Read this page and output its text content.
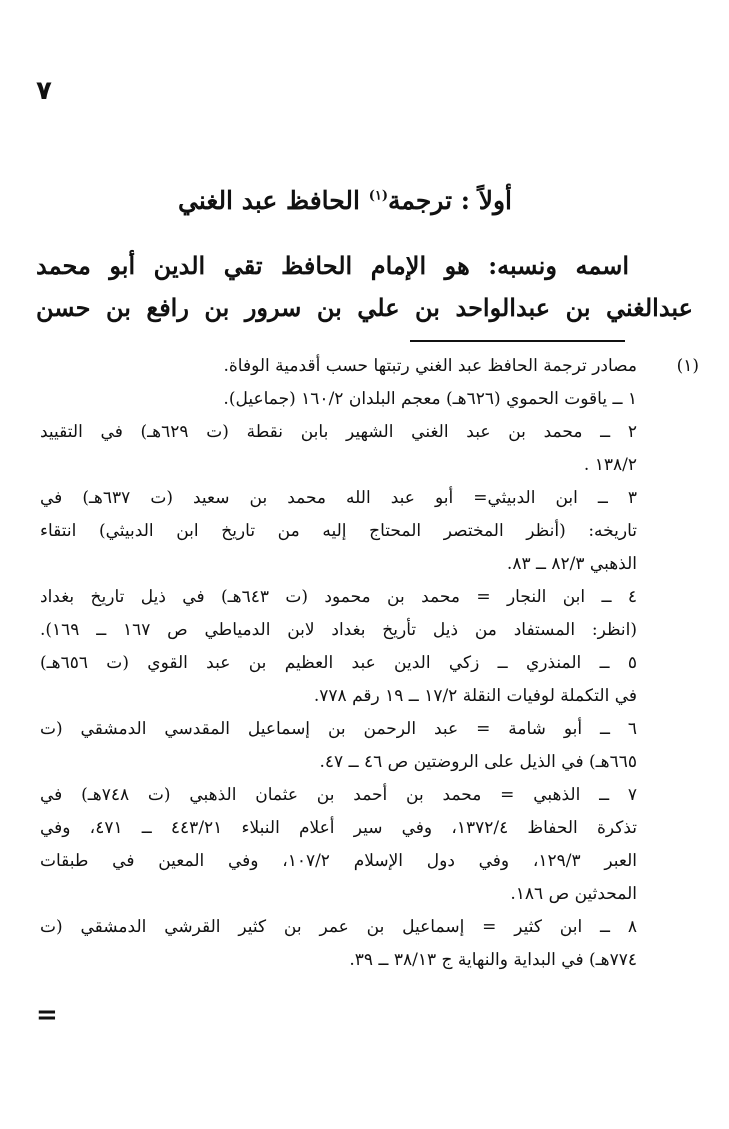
٧
أولاً : ترجمة$^{(١)}$ الحافظ عبد الغني
اسمه ونسبه: هو الإمام الحافظ تقي الدين أبو محمد
عبدالغني بن عبدالواحد بن علي بن سرور بن رافع بن حسن
(١)
مصادر ترجمة الحافظ عبد الغني رتبتها حسب أقدمية الوفاة.
١ ــ ياقوت الحموي (٦٢٦هـ) معجم البلدان ١٦٠/٢ (جماعيل).
٢ ــ محمد بن عبد الغني الشهير بابن نقطة (ت ٦٢٩هـ) في التقييد
١٣٨/٢ .
٣ ــ ابن الدبيثي= أبو عبد الله محمد بن سعيد (ت ٦٣٧هـ) في
تاريخه: (أنظر المختصر المحتاج إليه من تاريخ ابن الدبيثي) انتقاء
الذهبي ٨٢/٣ ــ ٨٣.
٤ ــ ابن النجار = محمد بن محمود (ت ٦٤٣هـ) في ذيل تاريخ بغداد
(انظر: المستفاد من ذيل تأريخ بغداد لابن الدمياطي ص ١٦٧ ــ ١٦٩).
٥ ــ المنذري ــ زكي الدين عبد العظيم بن عبد القوي (ت ٦٥٦هـ)
في التكملة لوفيات النقلة ١٧/٢ ــ ١٩ رقم ٧٧٨.
٦ ــ أبو شامة = عبد الرحمن بن إسماعيل المقدسي الدمشقي (ت
٦٦٥هـ) في الذيل على الروضتين ص ٤٦ ــ ٤٧.
٧ ــ الذهبي = محمد بن أحمد بن عثمان الذهبي (ت ٧٤٨هـ) في
تذكرة الحفاظ ١٣٧٢/٤، وفي سير أعلام النبلاء ٤٤٣/٢١ ــ ٤٧١، وفي
العبر ١٢٩/٣، وفي دول الإسلام ١٠٧/٢، وفي المعين في طبقات
المحدثين ص ١٨٦.
٨ ــ ابن كثير = إسماعيل بن عمر بن كثير القرشي الدمشقي (ت
٧٧٤هـ) في البداية والنهاية ج ٣٨/١٣ ــ ٣٩.
=
